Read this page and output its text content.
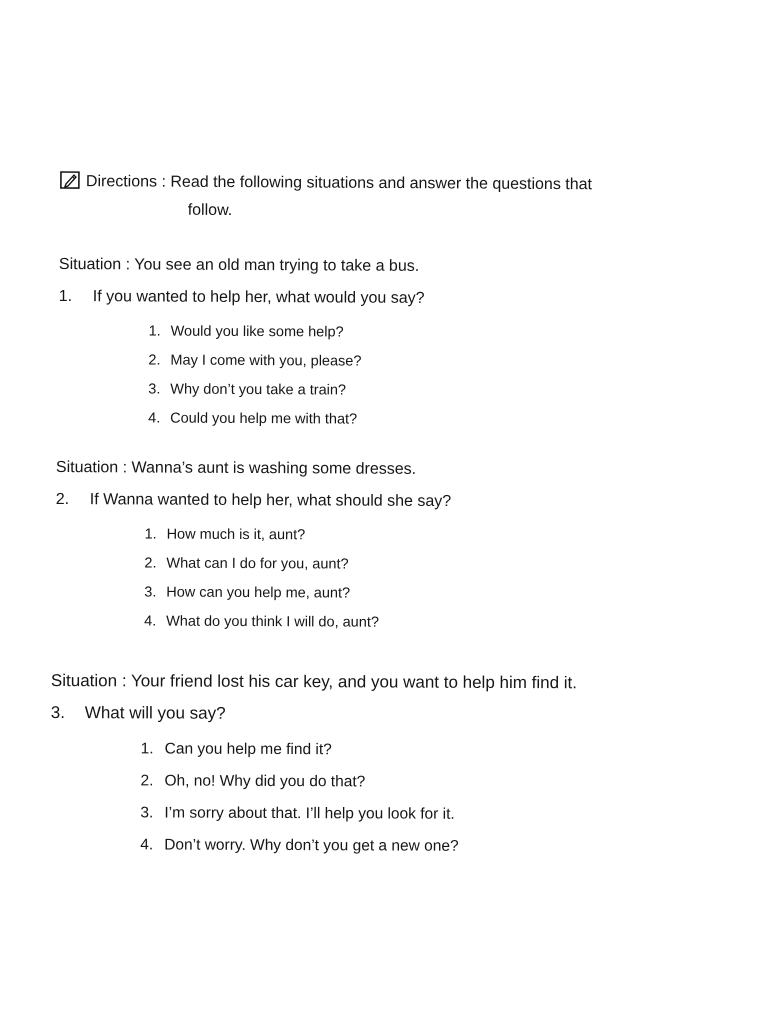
Directions : Read the following situations and answer the questions that
follow.
Situation : You see an old man trying to take a bus.
1. If you wanted to help her, what would you say?
1. Would you like some help?
2. May I come with you, please?
3. Why don’t you take a train?
4. Could you help me with that?
Situation : Wanna’s aunt is washing some dresses.
2. If Wanna wanted to help her, what should she say?
1. How much is it, aunt?
2. What can I do for you, aunt?
3. How can you help me, aunt?
4. What do you think I will do, aunt?
Situation : Your friend lost his car key, and you want to help him find it.
3. What will you say?
1. Can you help me find it?
2. Oh, no! Why did you do that?
3. I’m sorry about that. I’ll help you look for it.
4. Don’t worry. Why don’t you get a new one?
